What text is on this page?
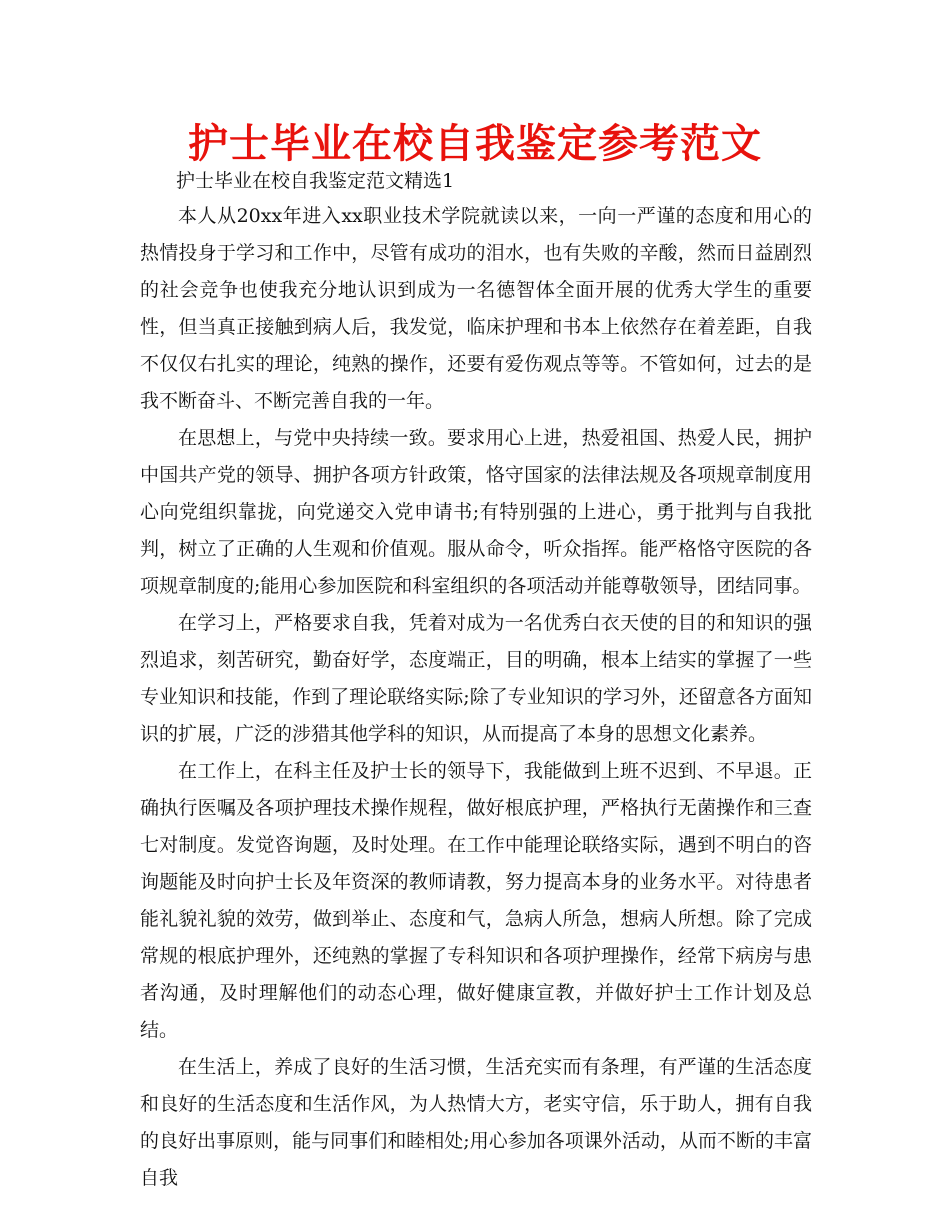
护士毕业在校自我鉴定参考范文
护士毕业在校自我鉴定范文精选1

本人从20xx年进入xx职业技术学院就读以来，一向一严谨的态度和用心的热情投身于学习和工作中，尽管有成功的泪水，也有失败的辛酸，然而日益剧烈的社会竞争也使我充分地认识到成为一名德智体全面开展的优秀大学生的重要性，但当真正接触到病人后，我发觉，临床护理和书本上依然存在着差距，自我不仅仅右扎实的理论，纯熟的操作，还要有爱伤观点等等。不管如何，过去的是我不断奋斗、不断完善自我的一年。

在思想上，与党中央持续一致。要求用心上进，热爱祖国、热爱人民，拥护中国共产党的领导、拥护各项方针政策，恪守国家的法律法规及各项规章制度用心向党组织靠拢，向党递交入党申请书;有特别强的上进心，勇于批判与自我批判，树立了正确的人生观和价值观。服从命令，听众指挥。能严格恪守医院的各项规章制度的;能用心参加医院和科室组织的各项活动并能尊敬领导，团结同事。

在学习上，严格要求自我，凭着对成为一名优秀白衣天使的目的和知识的强烈追求，刻苦研究，勤奋好学，态度端正，目的明确，根本上结实的掌握了一些专业知识和技能，作到了理论联络实际;除了专业知识的学习外，还留意各方面知识的扩展，广泛的涉猎其他学科的知识，从而提高了本身的思想文化素养。

在工作上，在科主任及护士长的领导下，我能做到上班不迟到、不早退。正确执行医嘱及各项护理技术操作规程，做好根底护理，严格执行无菌操作和三查七对制度。发觉咨询题，及时处理。在工作中能理论联络实际，遇到不明白的咨询题能及时向护士长及年资深的教师请教，努力提高本身的业务水平。对待患者能礼貌礼貌的效劳，做到举止、态度和气，急病人所急，想病人所想。除了完成常规的根底护理外，还纯熟的掌握了专科知识和各项护理操作，经常下病房与患者沟通，及时理解他们的动态心理，做好健康宣教，并做好护士工作计划及总结。

在生活上，养成了良好的生活习惯，生活充实而有条理，有严谨的生活态度和良好的生活态度和生活作风，为人热情大方，老实守信，乐于助人，拥有自我的良好出事原则，能与同事们和睦相处;用心参加各项课外活动，从而不断的丰富自我
